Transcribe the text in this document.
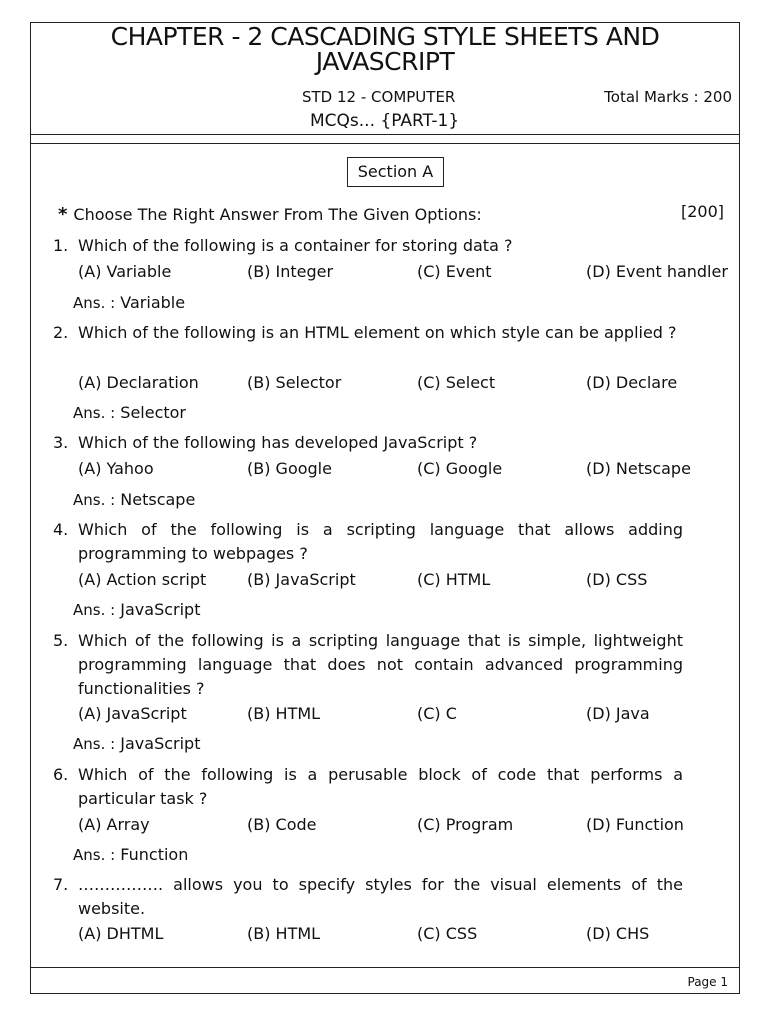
CHAPTER - 2 CASCADING STYLE SHEETS AND JAVASCRIPT
STD 12 - COMPUTER	Total Marks : 200
MCQs... {PART-1}
Section A
* Choose The Right Answer From The Given Options:	[200]
1. Which of the following is a container for storing data ?
(A) Variable	(B) Integer	(C) Event	(D) Event handler
Ans. : Variable
2. Which of the following is an HTML element on which style can be applied ?
(A) Declaration	(B) Selector	(C) Select	(D) Declare
Ans. : Selector
3. Which of the following has developed JavaScript ?
(A) Yahoo	(B) Google	(C) Google	(D) Netscape
Ans. : Netscape
4. Which of the following is a scripting language that allows adding programming to webpages ?
(A) Action script	(B) JavaScript	(C) HTML	(D) CSS
Ans. : JavaScript
5. Which of the following is a scripting language that is simple, lightweight programming language that does not contain advanced programming functionalities ?
(A) JavaScript	(B) HTML	(C) C	(D) Java
Ans. : JavaScript
6. Which of the following is a perusable block of code that performs a particular task ?
(A) Array	(B) Code	(C) Program	(D) Function
Ans. : Function
7. ……………. allows you to specify styles for the visual elements of the website.
(A) DHTML	(B) HTML	(C) CSS	(D) CHS
Page 1
